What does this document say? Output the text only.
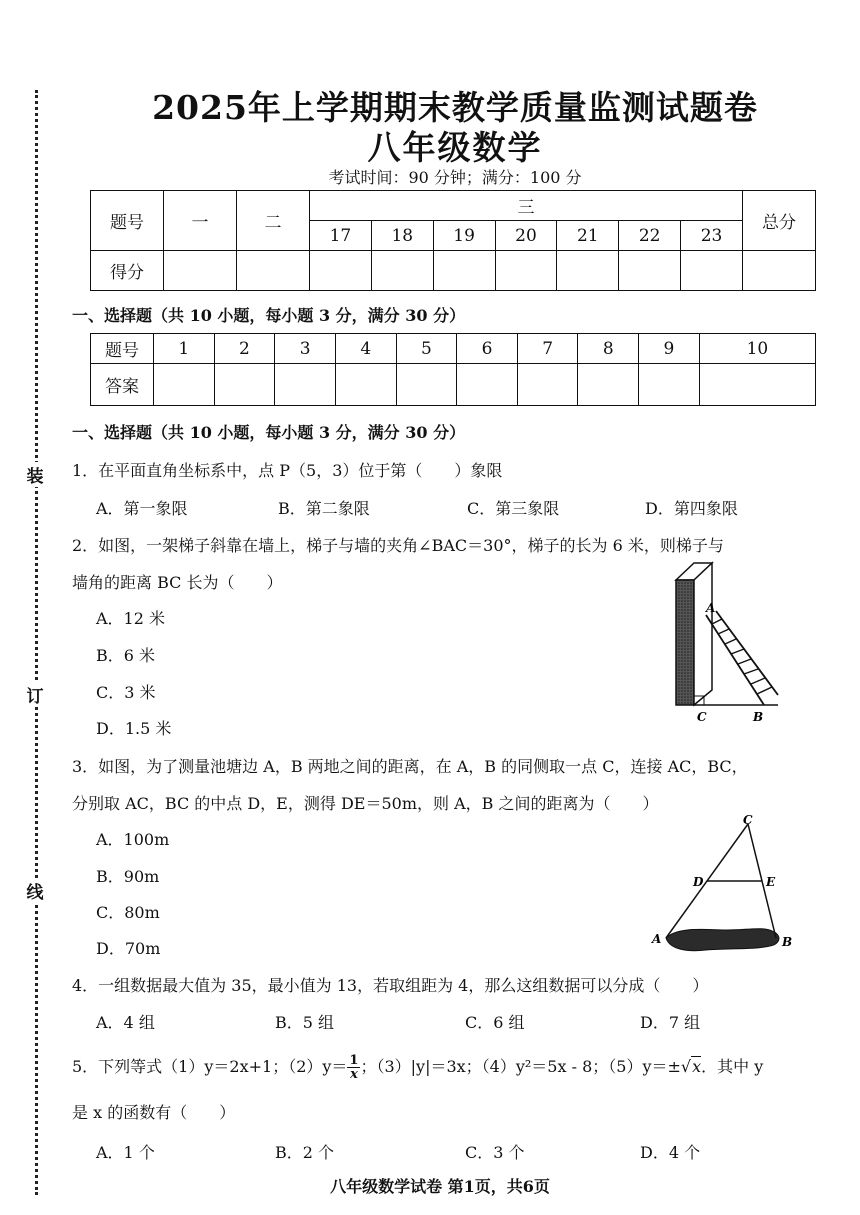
装
订
线
2025年上学期期末教学质量监测试题卷
八年级数学
考试时间：90 分钟；满分：100 分
题号	一	二	三							总分
			17	18	19	20	21	22	23	
得分										
一、选择题（共 10 小题，每小题 3 分，满分 30 分）
题号	1	2	3	4	5	6	7	8	9	10
答案										
一、选择题（共 10 小题，每小题 3 分，满分 30 分）
1．在平面直角坐标系中，点 P（5，3）位于第（　　）象限
A．第一象限	B．第二象限	C．第三象限	D．第四象限
2．如图，一架梯子斜靠在墙上，梯子与墙的夹角∠BAC＝30°，梯子的长为 6 米，则梯子与
墙角的距离 BC 长为（　　）
A．12 米
B．6 米
C．3 米
D．1.5 米
A
C	B
3．如图，为了测量池塘边 A，B 两地之间的距离，在 A，B 的同侧取一点 C，连接 AC，BC，
分别取 AC，BC 的中点 D，E，测得 DE＝50m，则 A，B 之间的距离为（　　）
A．100m
B．90m
C．80m
D．70m
C
D	E
A	B
4．一组数据最大值为 35，最小值为 13，若取组距为 4，那么这组数据可以分成（　　）
A．4 组	B．5 组	C．6 组	D．7 组
5．下列等式（1）y＝2x+1；$(2)y= \frac{1}{x}$ ；（3）|y|＝3x；（4）y²＝5x - 8；（5）y＝±√x．其中 y
是 x 的函数有（　　）
A．1 个	B．2 个	C．3 个	D．4 个
八年级数学试卷 第1页，共6页
